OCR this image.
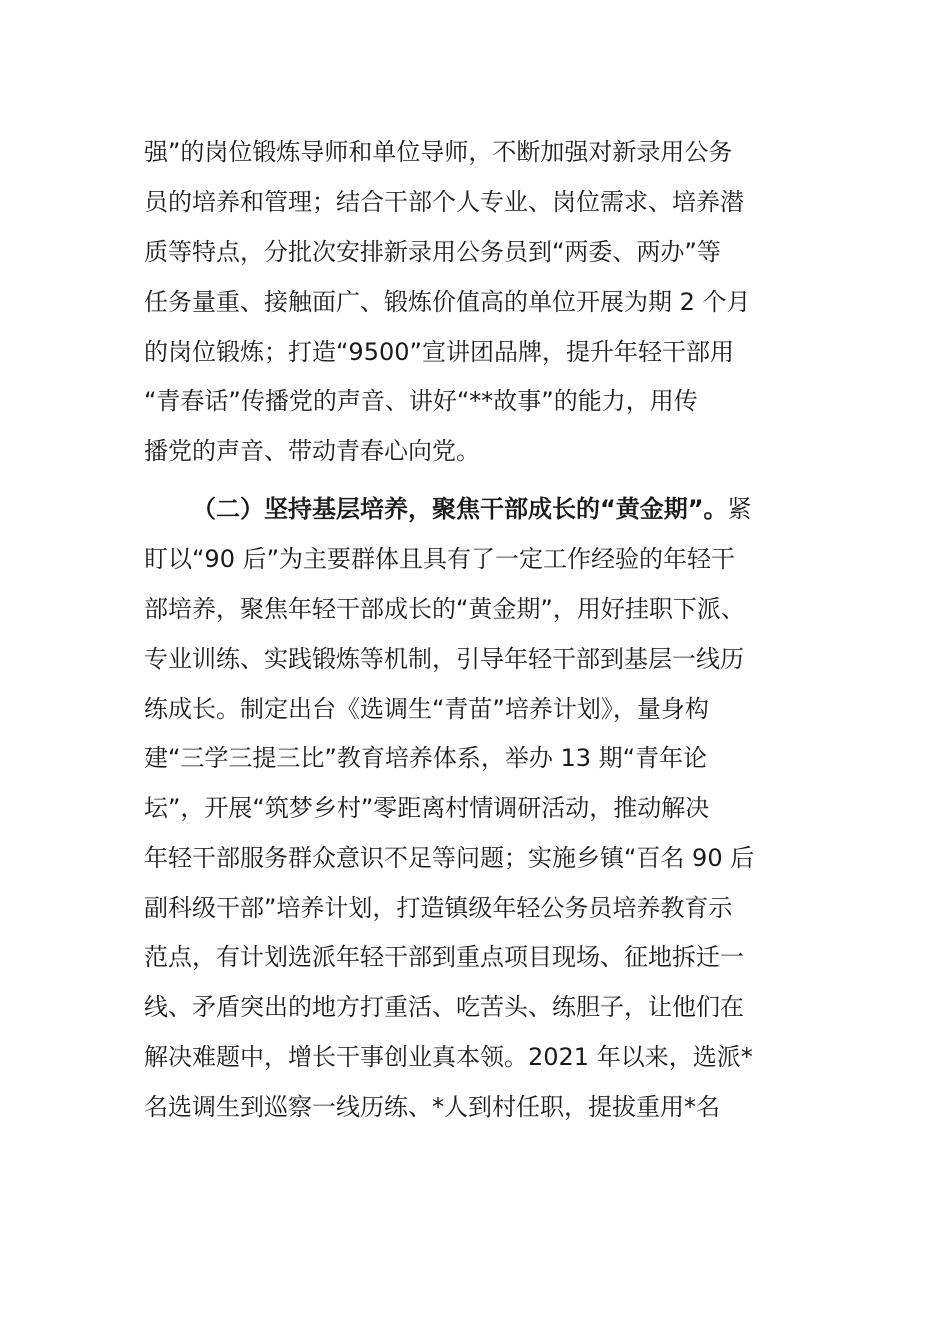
强”的岗位锻炼导师和单位导师，不断加强对新录用公务
员的培养和管理；结合干部个人专业、岗位需求、培养潜
质等特点，分批次安排新录用公务员到“两委、两办”等
任务量重、接触面广、锻炼价值高的单位开展为期 2 个月
的岗位锻炼；打造“9500”宣讲团品牌，提升年轻干部用
“青春话”传播党的声音、讲好“**故事”的能力，用传
播党的声音、带动青春心向党。
（二）坚持基层培养，聚焦干部成长的“黄金期”。紧
盯以“90 后”为主要群体且具有了一定工作经验的年轻干
部培养，聚焦年轻干部成长的“黄金期”，用好挂职下派、
专业训练、实践锻炼等机制，引导年轻干部到基层一线历
练成长。制定出台《选调生“青苗”培养计划》，量身构
建“三学三提三比”教育培养体系，举办 13 期“青年论
坛”，开展“筑梦乡村”零距离村情调研活动，推动解决
年轻干部服务群众意识不足等问题；实施乡镇“百名 90 后
副科级干部”培养计划，打造镇级年轻公务员培养教育示
范点，有计划选派年轻干部到重点项目现场、征地拆迁一
线、矛盾突出的地方打重活、吃苦头、练胆子，让他们在
解决难题中，增长干事创业真本领。2021 年以来，选派*
名选调生到巡察一线历练、*人到村任职，提拔重用*名
